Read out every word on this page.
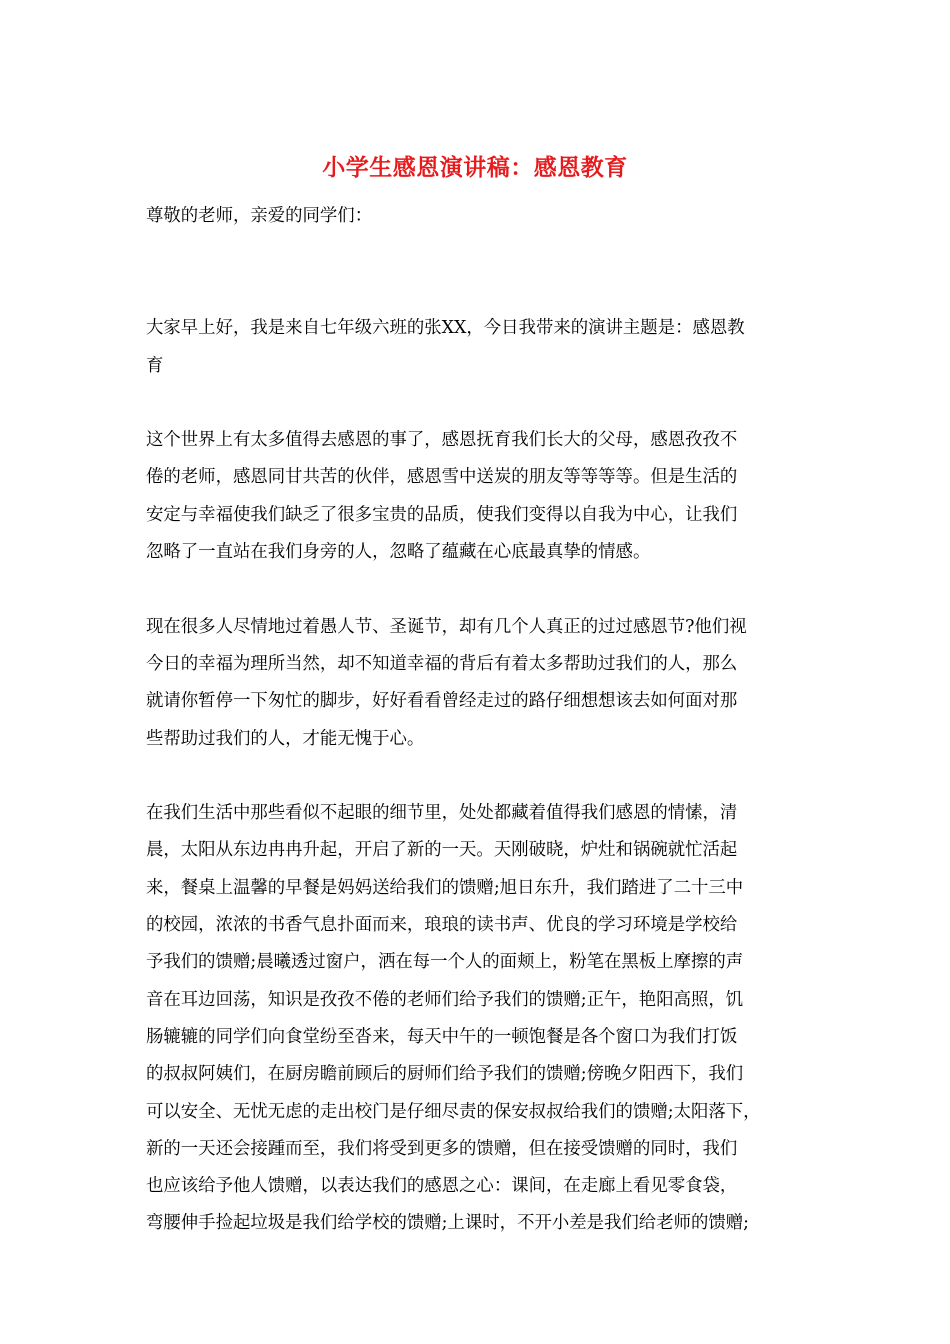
小学生感恩演讲稿：感恩教育

尊敬的老师，亲爱的同学们：

大家早上好，我是来自七年级六班的张XX，今日我带来的演讲主题是：感恩教
育

这个世界上有太多值得去感恩的事了，感恩抚育我们长大的父母，感恩孜孜不
倦的老师，感恩同甘共苦的伙伴，感恩雪中送炭的朋友等等等等。但是生活的
安定与幸福使我们缺乏了很多宝贵的品质，使我们变得以自我为中心，让我们
忽略了一直站在我们身旁的人，忽略了蕴藏在心底最真挚的情感。

现在很多人尽情地过着愚人节、圣诞节，却有几个人真正的过过感恩节?他们视
今日的幸福为理所当然，却不知道幸福的背后有着太多帮助过我们的人，那么
就请你暂停一下匆忙的脚步，好好看看曾经走过的路仔细想想该去如何面对那
些帮助过我们的人，才能无愧于心。

在我们生活中那些看似不起眼的细节里，处处都藏着值得我们感恩的情愫，清
晨，太阳从东边冉冉升起，开启了新的一天。天刚破晓，炉灶和锅碗就忙活起
来，餐桌上温馨的早餐是妈妈送给我们的馈赠;旭日东升，我们踏进了二十三中
的校园，浓浓的书香气息扑面而来，琅琅的读书声、优良的学习环境是学校给
予我们的馈赠;晨曦透过窗户，洒在每一个人的面颊上，粉笔在黑板上摩擦的声
音在耳边回荡，知识是孜孜不倦的老师们给予我们的馈赠;正午，艳阳高照，饥
肠辘辘的同学们向食堂纷至沓来，每天中午的一顿饱餐是各个窗口为我们打饭
的叔叔阿姨们，在厨房瞻前顾后的厨师们给予我们的馈赠;傍晚夕阳西下，我们
可以安全、无忧无虑的走出校门是仔细尽责的保安叔叔给我们的馈赠;太阳落下，
新的一天还会接踵而至，我们将受到更多的馈赠，但在接受馈赠的同时，我们
也应该给予他人馈赠，以表达我们的感恩之心：课间，在走廊上看见零食袋，
弯腰伸手捡起垃圾是我们给学校的馈赠;上课时，不开小差是我们给老师的馈赠;
